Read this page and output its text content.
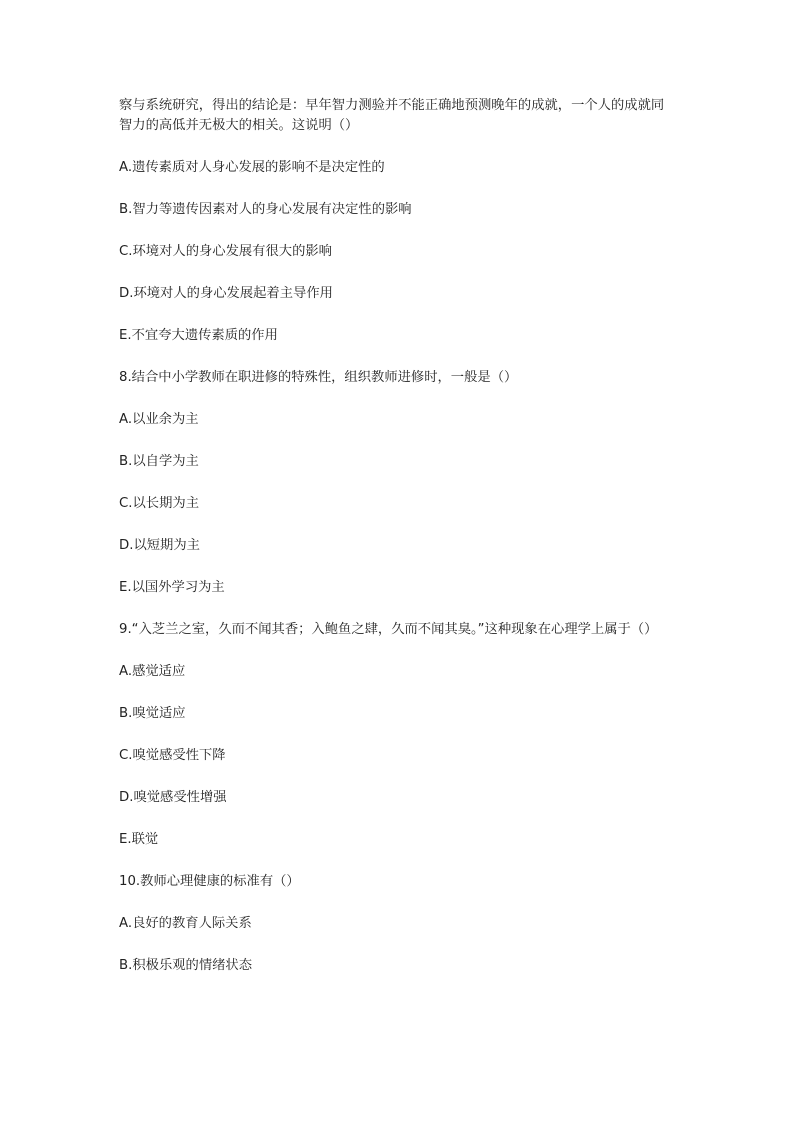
察与系统研究，得出的结论是：早年智力测验并不能正确地预测晚年的成就，一个人的成就同智力的高低并无极大的相关。这说明（）

A.遗传素质对人身心发展的影响不是决定性的

B.智力等遗传因素对人的身心发展有决定性的影响

C.环境对人的身心发展有很大的影响

D.环境对人的身心发展起着主导作用

E.不宜夸大遗传素质的作用

8.结合中小学教师在职进修的特殊性，组织教师进修时，一般是（）

A.以业余为主

B.以自学为主

C.以长期为主

D.以短期为主

E.以国外学习为主

9.“入芝兰之室，久而不闻其香；入鲍鱼之肆，久而不闻其臭。”这种现象在心理学上属于（）

A.感觉适应

B.嗅觉适应

C.嗅觉感受性下降

D.嗅觉感受性增强

E.联觉

10.教师心理健康的标准有（）

A.良好的教育人际关系

B.积极乐观的情绪状态
